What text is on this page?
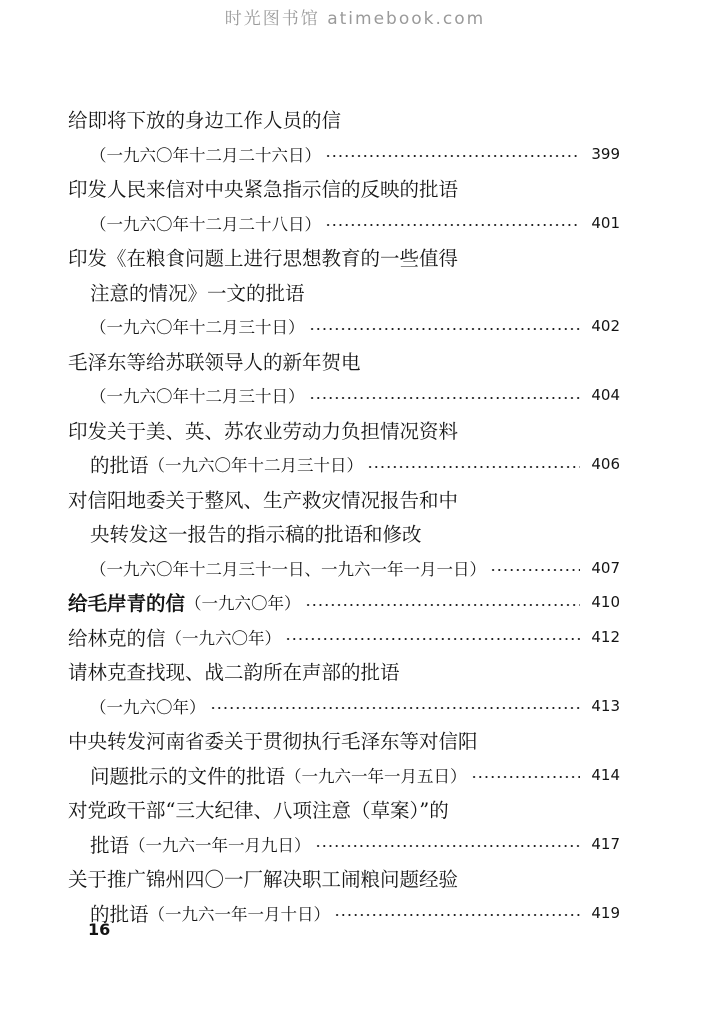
时光图书馆 atimebook.com
给即将下放的身边工作人员的信
（一九六〇年十二月二十六日）	399
印发人民来信对中央紧急指示信的反映的批语
（一九六〇年十二月二十八日）	401
印发《在粮食问题上进行思想教育的一些值得
注意的情况》一文的批语
（一九六〇年十二月三十日）	402
毛泽东等给苏联领导人的新年贺电
（一九六〇年十二月三十日）	404
印发关于美、英、苏农业劳动力负担情况资料
的批语 （一九六〇年十二月三十日）	406
对信阳地委关于整风、生产救灾情况报告和中
央转发这一报告的指示稿的批语和修改
（一九六〇年十二月三十一日、一九六一年一月一日）	407
给毛岸青的信 （一九六〇年）	410
给林克的信 （一九六〇年）	412
请林克查找现、战二韵所在声部的批语
（一九六〇年）	413
中央转发河南省委关于贯彻执行毛泽东等对信阳
问题批示的文件的批语 （一九六一年一月五日）	414
对党政干部“三大纪律、八项注意（草案）”的
批语 （一九六一年一月九日）	417
关于推广锦州四〇一厂解决职工闹粮问题经验
的批语 （一九六一年一月十日）	419
16
